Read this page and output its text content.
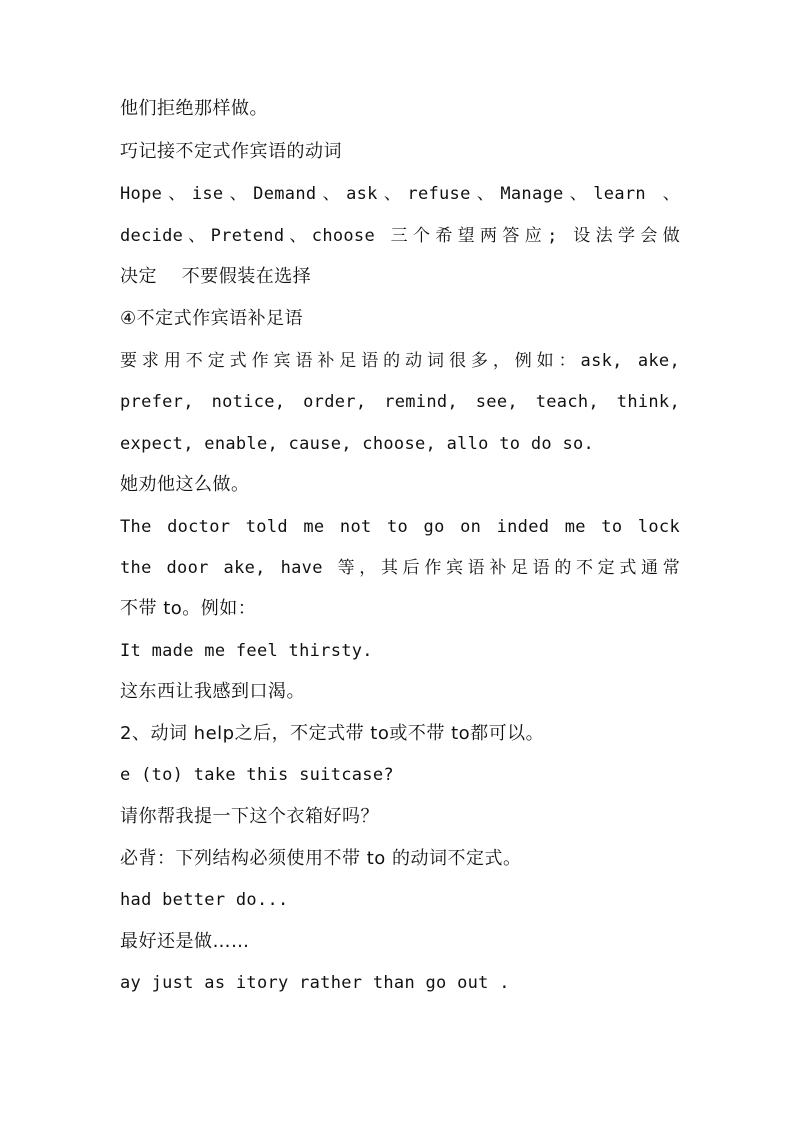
他们拒绝那样做。
巧记接不定式作宾语的动词
Hope、ise、Demand、ask、refuse、Manage、learn 、
decide、Pretend、choose 三个希望两答应; 设法学会做
决定　 不要假装在选择
④不定式作宾语补足语
要求用不定式作宾语补足语的动词很多，例如：ask, ake,
prefer, notice, order, remind, see, teach, think,
expect, enable, cause, choose, allo to do so.
她劝他这么做。
The doctor told me not to go on inded me to lock
the door ake, have 等，其后作宾语补足语的不定式通常
不带 to。例如：
It made me feel thirsty.
这东西让我感到口渴。
2、动词 help之后，不定式带 to或不带 to都可以。
e (to) take this suitcase?
请你帮我提一下这个衣箱好吗？
必背：下列结构必须使用不带 to 的动词不定式。
had better do...
最好还是做……
ay just as itory rather than go out .
